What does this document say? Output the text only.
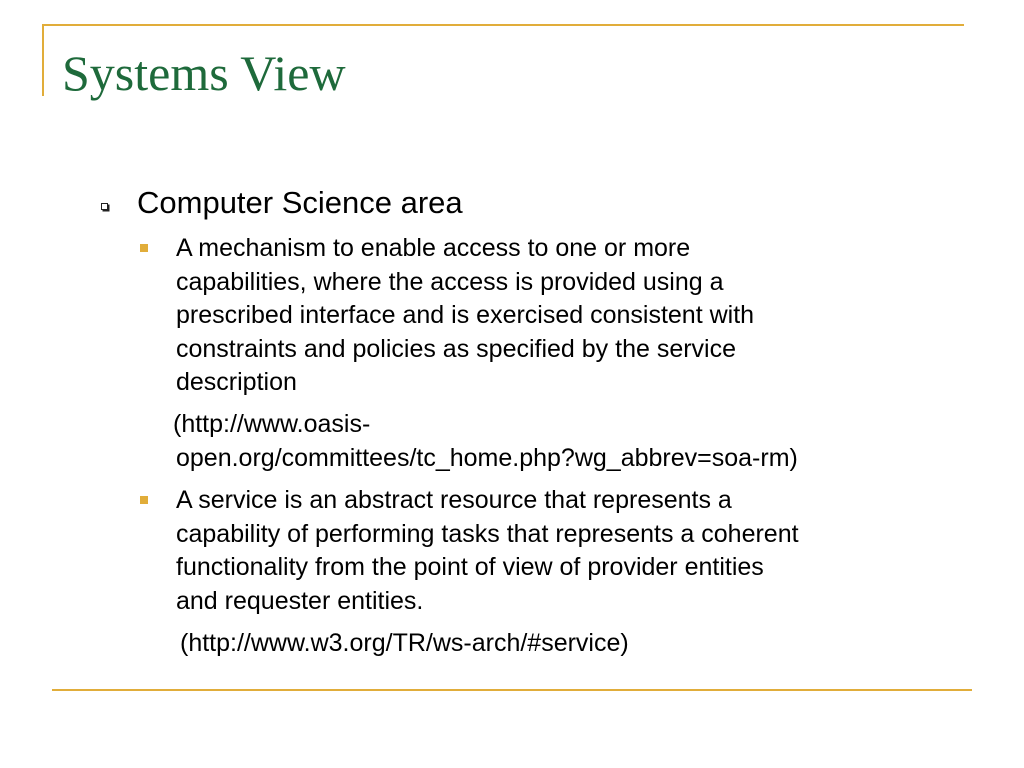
Systems View
Computer Science area
A mechanism to enable access to one or more
capabilities, where the access is provided using a
prescribed interface and is exercised consistent with
constraints and policies as specified by the service
description
(http://www.oasis-
open.org/committees/tc_home.php?wg_abbrev=soa-rm)
A service is an abstract resource that represents a
capability of performing tasks that represents a coherent
functionality from the point of view of provider entities
and requester entities.
(http://www.w3.org/TR/ws-arch/#service)
